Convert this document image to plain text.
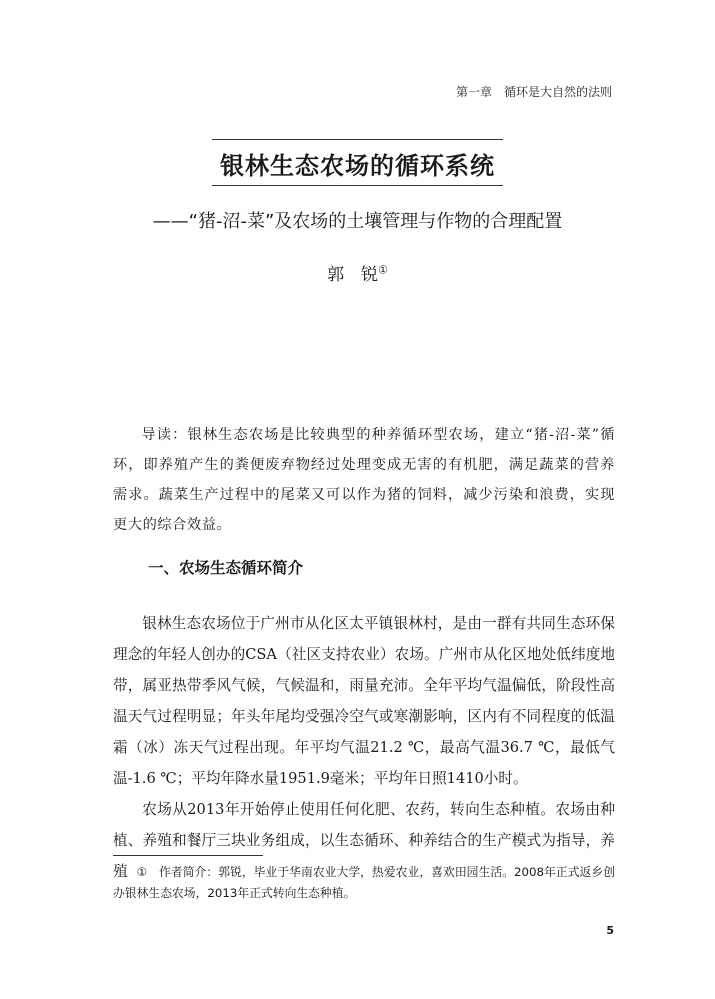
第一章　循环是大自然的法则
银林生态农场的循环系统
——“猪-沼-菜”及农场的土壤管理与作物的合理配置
郭　锐①
导读：银林生态农场是比较典型的种养循环型农场，建立“猪-沼-菜”循环，即养殖产生的粪便废弃物经过处理变成无害的有机肥，满足蔬菜的营养需求。蔬菜生产过程中的尾菜又可以作为猪的饲料，减少污染和浪费，实现更大的综合效益。
一、农场生态循环简介

银林生态农场位于广州市从化区太平镇银林村，是由一群有共同生态环保理念的年轻人创办的CSA（社区支持农业）农场。广州市从化区地处低纬度地带，属亚热带季风气候，气候温和，雨量充沛。全年平均气温偏低，阶段性高温天气过程明显；年头年尾均受强冷空气或寒潮影响，区内有不同程度的低温霜（冰）冻天气过程出现。年平均气温21.2 ℃，最高气温36.7 ℃，最低气温-1.6 ℃；平均年降水量1951.9毫米；平均年日照1410小时。

农场从2013年开始停止使用任何化肥、农药，转向生态种植。农场由种植、养殖和餐厅三块业务组成，以生态循环、种养结合的生产模式为指导，养殖 ①　作者简介：郭锐，毕业于华南农业大学，热爱农业，喜欢田园生活。2008年正式返乡创办银林生态农场，2013年正式转向生态种植。
5
